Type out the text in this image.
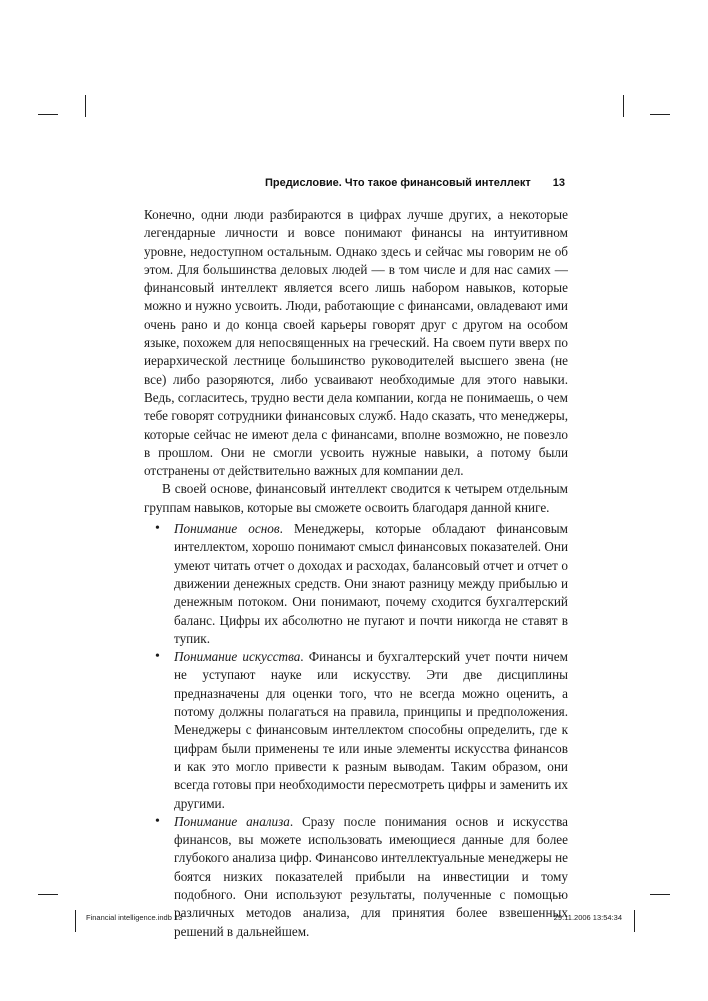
Предисловие. Что такое финансовый интеллект 13

Конечно, одни люди разбираются в цифрах лучше других, а некоторые легендарные личности и вовсе понимают финансы на интуитивном уровне, недоступном остальным. Однако здесь и сейчас мы говорим не об этом. Для большинства деловых людей — в том числе и для нас самих — финансовый интеллект является всего лишь набором навыков, которые можно и нужно усвоить. Люди, работающие с финансами, овладевают ими очень рано и до конца своей карьеры говорят друг с другом на особом языке, похожем для непосвященных на греческий. На своем пути вверх по иерархической лестнице большинство руководителей высшего звена (не все) либо разоряются, либо усваивают необходимые для этого навыки. Ведь, согласитесь, трудно вести дела компании, когда не понимаешь, о чем тебе говорят сотрудники финансовых служб. Надо сказать, что менеджеры, которые сейчас не имеют дела с финансами, вполне возможно, не повезло в прошлом. Они не смогли усвоить нужные навыки, а потому были отстранены от действительно важных для компании дел.

В своей основе, финансовый интеллект сводится к четырем отдельным группам навыков, которые вы сможете освоить благодаря данной книге.

• Понимание основ. Менеджеры, которые обладают финансовым интеллектом, хорошо понимают смысл финансовых показателей. Они умеют читать отчет о доходах и расходах, балансовый отчет и отчет о движении денежных средств. Они знают разницу между прибылью и денежным потоком. Они понимают, почему сходится бухгалтерский баланс. Цифры их абсолютно не пугают и почти никогда не ставят в тупик.
• Понимание искусства. Финансы и бухгалтерский учет почти ничем не уступают науке или искусству. Эти две дисциплины предназначены для оценки того, что не всегда можно оценить, а потому должны полагаться на правила, принципы и предположения. Менеджеры с финансовым интеллектом способны определить, где к цифрам были применены те или иные элементы искусства финансов и как это могло привести к разным выводам. Таким образом, они всегда готовы при необходимости пересмотреть цифры и заменить их другими.
• Понимание анализа. Сразу после понимания основ и искусства финансов, вы можете использовать имеющиеся данные для более глубокого анализа цифр. Финансово интеллектуальные менеджеры не боятся низких показателей прибыли на инвестиции и тому подобного. Они используют результаты, полученные с помощью различных методов анализа, для принятия более взвешенных решений в дальнейшем.
Financial intelligence.indb 13	29.11.2006 13:54:34
